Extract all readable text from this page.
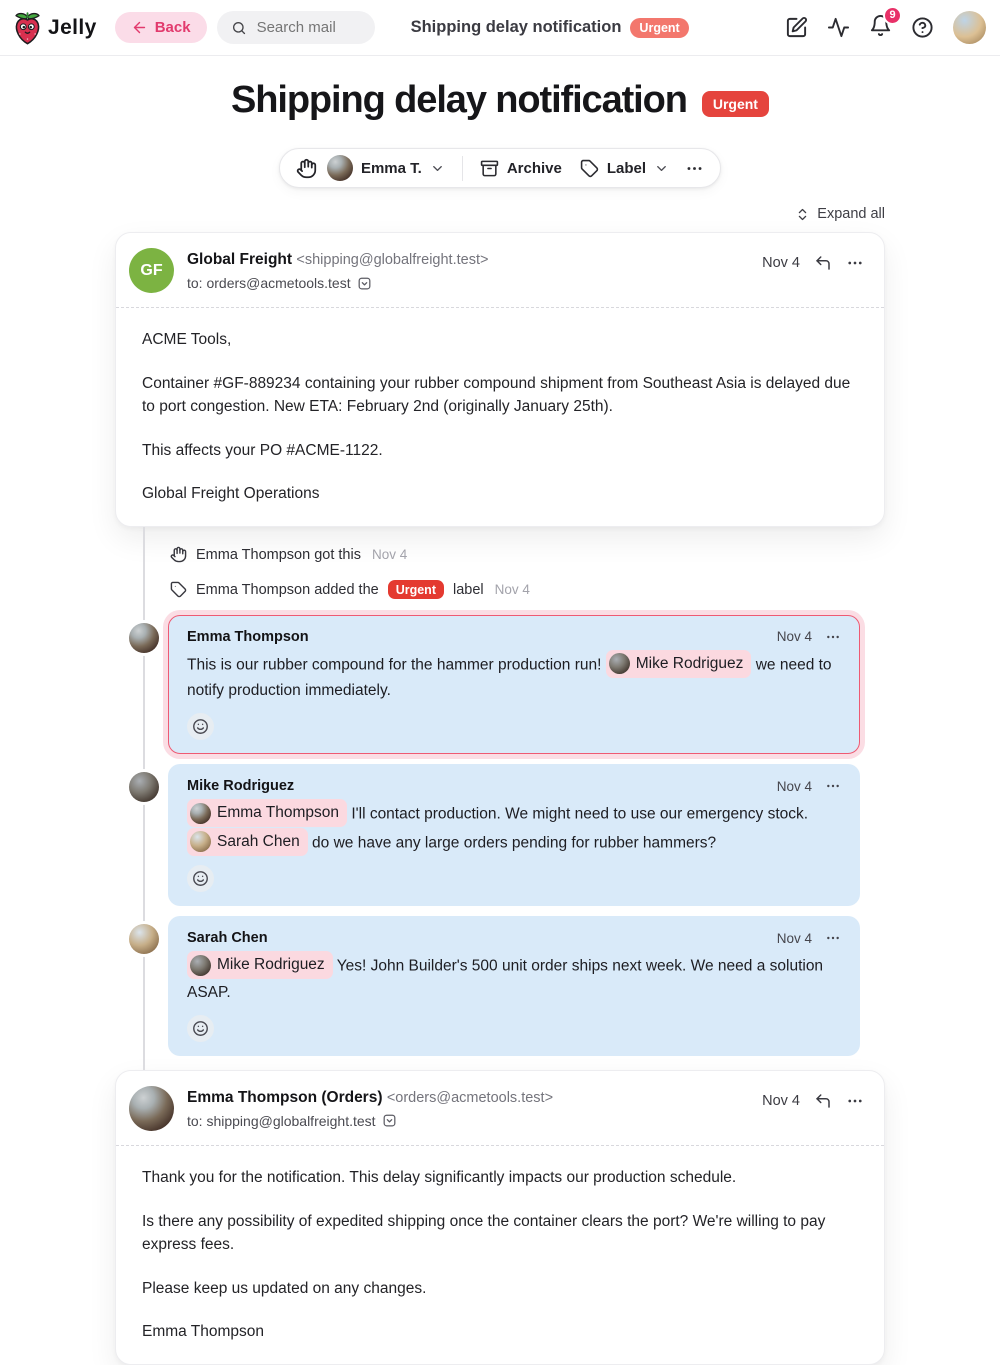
Jelly	Back
Search mail	Shipping delay notification	Urgent
9
Shipping delay notification	Urgent
Emma T.	Archive	Label
Expand all
GF
Global Freight <shipping@globalfreight.test>
to: orders@acmetools.test
Nov 4

ACME Tools,

Container #GF-889234 containing your rubber compound shipment from Southeast Asia is delayed due to port congestion. New ETA: February 2nd (originally January 25th).

This affects your PO #ACME-1122.

Global Freight Operations

Emma Thompson got this Nov 4
Emma Thompson added the	Urgent	label Nov 4
Emma Thompson	Nov 4
This is our rubber compound for the hammer production run! Mike Rodriguez we need to notify production immediately.
Mike Rodriguez	Nov 4
Emma Thompson I'll contact production. We might need to use our emergency stock.

Sarah Chen do we have any large orders pending for rubber hammers?
Sarah Chen	Nov 4
Mike Rodriguez Yes! John Builder's 500 unit order ships next week. We need a solution ASAP.
Emma Thompson (Orders) <orders@acmetools.test>
to: shipping@globalfreight.test
Nov 4

Thank you for the notification. This delay significantly impacts our production schedule.

Is there any possibility of expedited shipping once the container clears the port? We're willing to pay express fees.

Please keep us updated on any changes.

Emma Thompson
